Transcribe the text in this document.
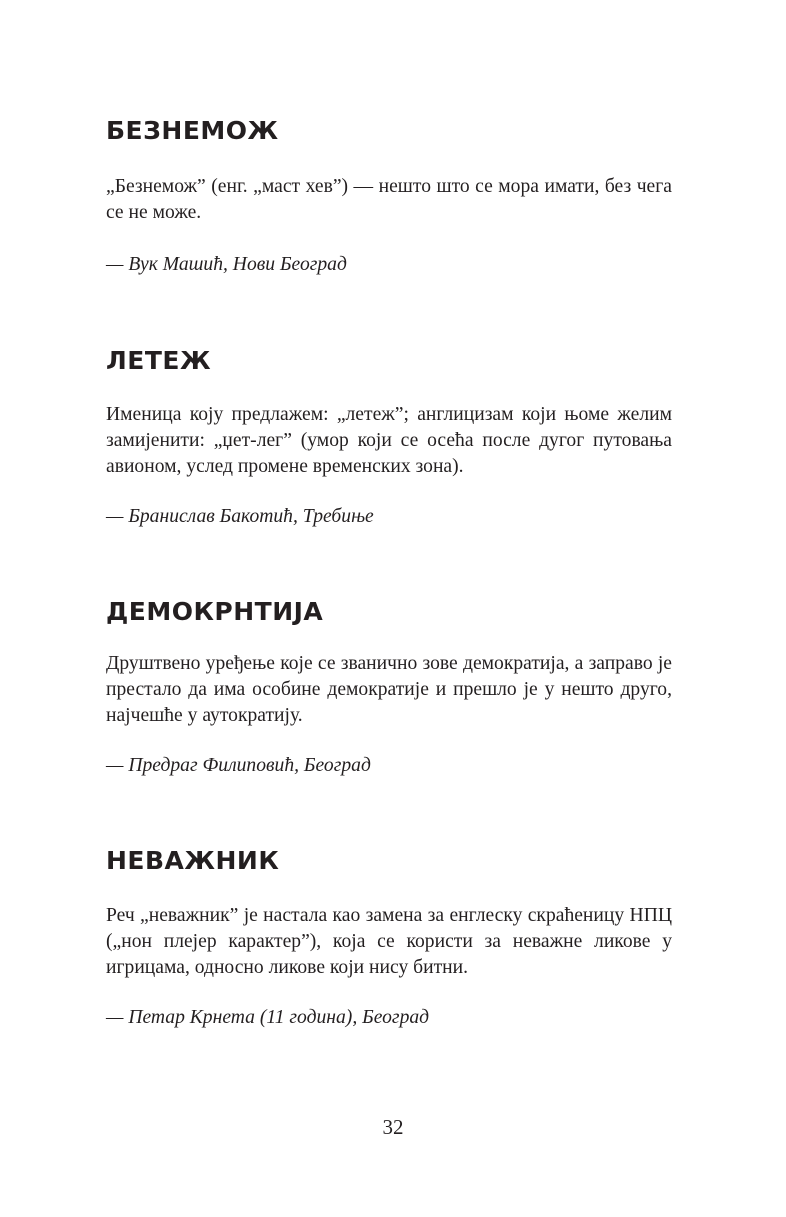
БЕЗНЕМОЖ

„Безнемож” (енг. „маст хев”) — нешто што се мора имати, без чега се не може.

— Вук Машић, Нови Београд

ЛЕТЕЖ

Именица коју предлажем: „летеж”; англицизам који њоме желим замијенити: „џет-лег” (умор који се осећа после дугог путовања авионом, услед промене временских зона).

— Бранислав Бакотић, Требиње

ДЕМОКРНТИЈА

Друштвено уређење које се званично зове демократија, а заправо је престало да има особине демократије и прешло је у нешто друго, најчешће у аутократију.

— Предраг Филиповић, Београд

НЕВАЖНИК

Реч „неважник” је настала као замена за енглеску скраћеницу НПЦ („нон плејер карактер”), која се користи за неважне ликове у игрицама, односно ликове који нису битни.

— Петар Крнета (11 година), Београд

32
